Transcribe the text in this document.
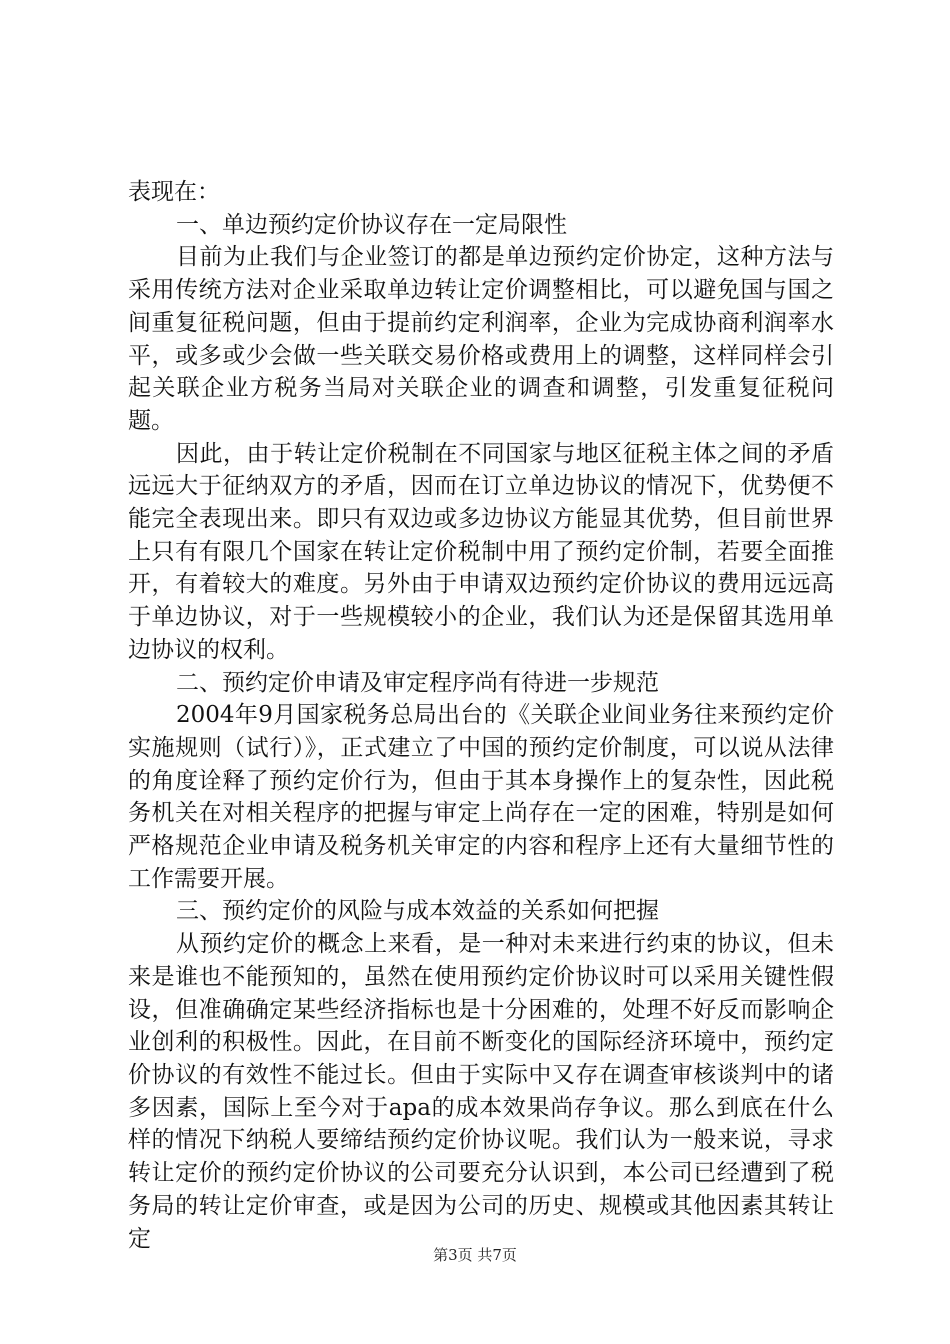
表现在：

一、单边预约定价协议存在一定局限性

目前为止我们与企业签订的都是单边预约定价协定，这种方法与采用传统方法对企业采取单边转让定价调整相比，可以避免国与国之间重复征税问题，但由于提前约定利润率，企业为完成协商利润率水平，或多或少会做一些关联交易价格或费用上的调整，这样同样会引起关联企业方税务当局对关联企业的调查和调整，引发重复征税问题。

因此，由于转让定价税制在不同国家与地区征税主体之间的矛盾远远大于征纳双方的矛盾，因而在订立单边协议的情况下，优势便不能完全表现出来。即只有双边或多边协议方能显其优势，但目前世界上只有有限几个国家在转让定价税制中用了预约定价制，若要全面推开，有着较大的难度。另外由于申请双边预约定价协议的费用远远高于单边协议，对于一些规模较小的企业，我们认为还是保留其选用单边协议的权利。

二、预约定价申请及审定程序尚有待进一步规范

2004年9月国家税务总局出台的《关联企业间业务往来预约定价实施规则（试行）》，正式建立了中国的预约定价制度，可以说从法律的角度诠释了预约定价行为，但由于其本身操作上的复杂性，因此税务机关在对相关程序的把握与审定上尚存在一定的困难，特别是如何严格规范企业申请及税务机关审定的内容和程序上还有大量细节性的工作需要开展。

三、预约定价的风险与成本效益的关系如何把握

从预约定价的概念上来看，是一种对未来进行约束的协议，但未来是谁也不能预知的，虽然在使用预约定价协议时可以采用关键性假设，但准确确定某些经济指标也是十分困难的，处理不好反而影响企业创利的积极性。因此，在目前不断变化的国际经济环境中，预约定价协议的有效性不能过长。但由于实际中又存在调查审核谈判中的诸多因素，国际上至今对于apa的成本效果尚存争议。那么到底在什么样的情况下纳税人要缔结预约定价协议呢。我们认为一般来说，寻求转让定价的预约定价协议的公司要充分认识到，本公司已经遭到了税务局的转让定价审查，或是因为公司的历史、规模或其他因素其转让定

第3页 共7页
